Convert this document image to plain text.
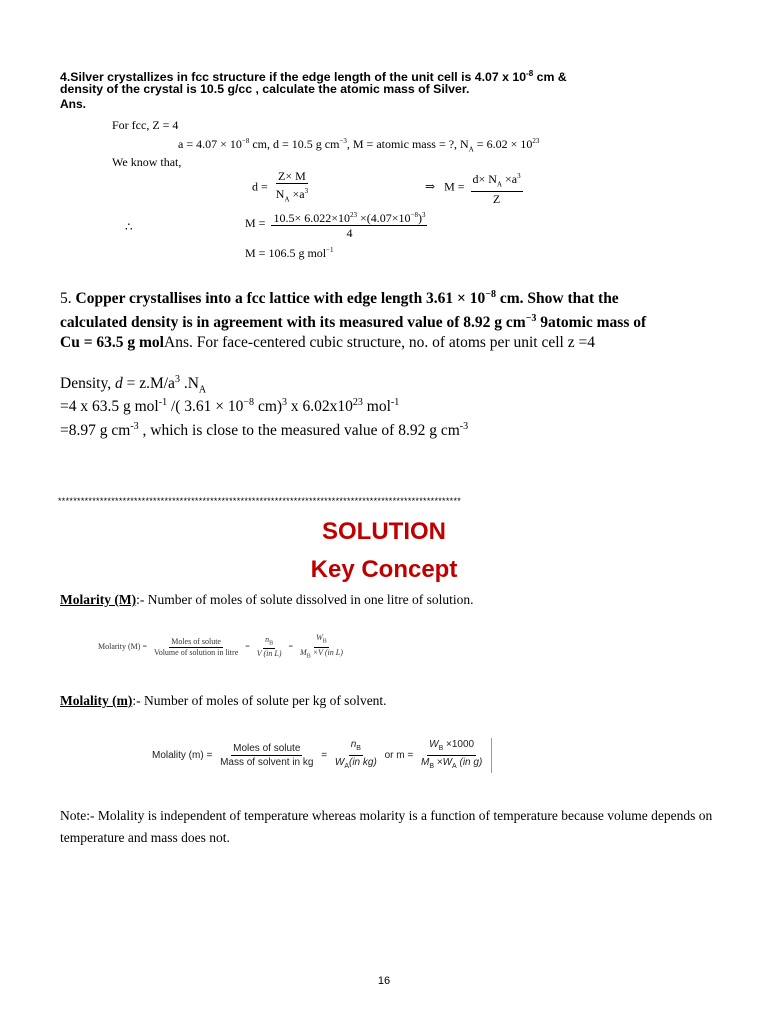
4.Silver crystallizes in fcc structure if the edge length of the unit cell is 4.07 x $10^{-8}$ cm &
density of the crystal is 10.5 g/cc , calculate the atomic mass of Silver.
Ans.
For fcc, Z = 4
$a = 4.07 \times 10^{-8}$ cm, d = 10.5 g $cm^{-3}$, M = atomic mass = ?, $N_A = 6.02 \times 10^{23}$
We know that,
$d = \frac{Z\times M}{N_A \times a^3}$	⇒ $M = \frac{d\times N_A \times a^3}{Z}$
∴	$M = \frac{10.5\times 6.022\times 10^{23} \times(4.07\times 10^{-8})^3}{4}$
M = 106.5 g mol$^{-1}$
5. Copper crystallises into a fcc lattice with edge length $3.61 \times 10^{-8}$ cm. Show that the
calculated density is in agreement with its measured value of 8.92 g $cm^{-3}$ 9atomic mass of
Cu = 63.5 g molAns. For face-centered cubic structure, no. of atoms per unit cell z =4
Density, $d = z.M/a^3$ $.N_A$
=4 x 63.5 g mol$^{-1}$ /( $3.61 \times 10^{-8}$ cm)$^3$ x $6.02x10^{23}$ mol$^{-1}$
=8.97 g $cm^{-3}$ , which is close to the measured value of 8.92 g $cm^{-3}$
**********************************************************************************************************
SOLUTION
Key Concept
Molarity (M):- Number of moles of solute dissolved in one litre of solution.
Molarity $(M) = \frac{\text{Moles of solute}}{\text{Volume of solution in litre}} = \frac{n_B}{\text{V (in L)}} = \frac{W_B}{M_B \times V (in L)}$
Molality (m):- Number of moles of solute per kg of solvent.
Molality $(m) = \frac{\text{Moles of solute}}{\text{Mass of solvent in kg}} = \frac{n_B}{W_A(in kg)}$ or $m = \frac{W_B \times 1000}{M_B \times W_A (in g)}$
Note:- Molality is independent of temperature whereas molarity is a function of temperature because volume depends on temperature and mass does not.
16
